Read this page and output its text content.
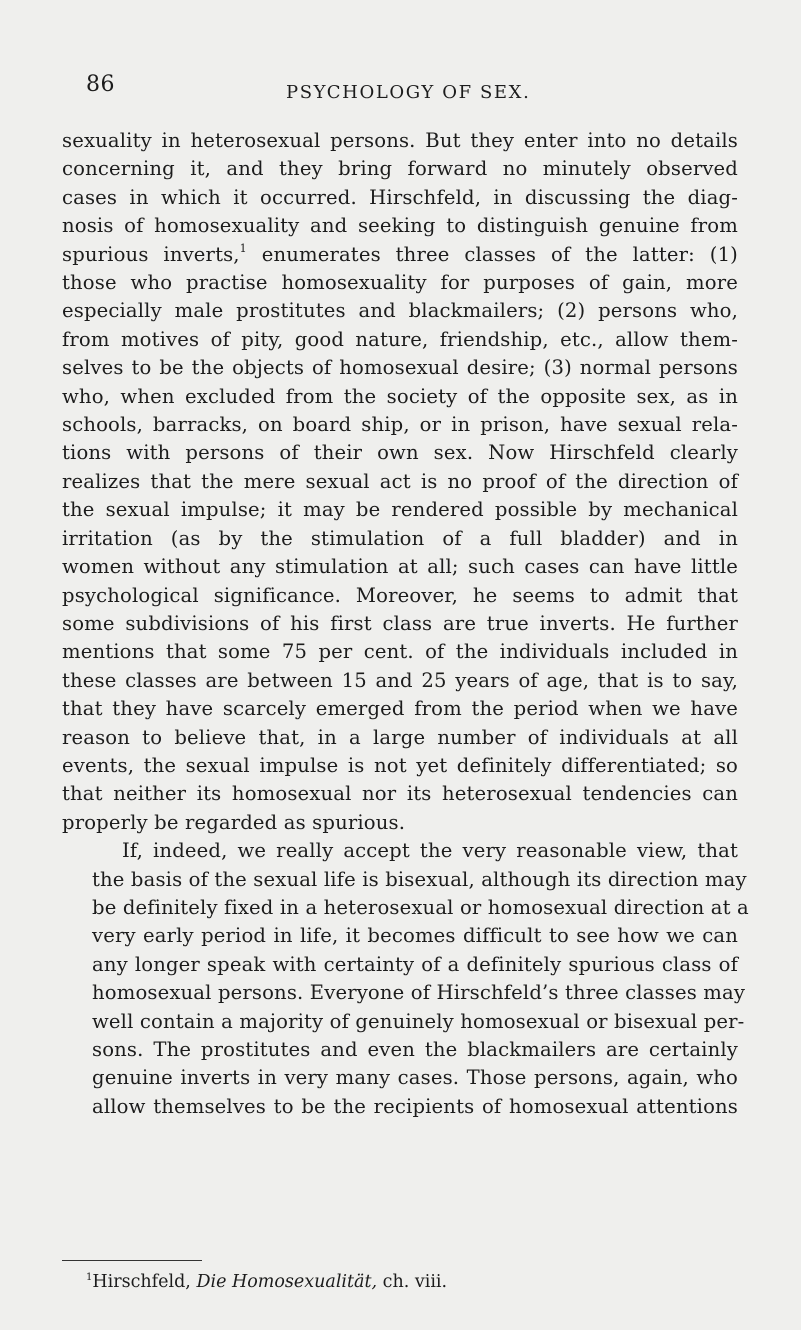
86	PSYCHOLOGY OF SEX.

sexuality in heterosexual persons. But they enter into no details
concerning it, and they bring forward no minutely observed
cases in which it occurred. Hirschfeld, in discussing the diag-
nosis of homosexuality and seeking to distinguish genuine from
spurious inverts,$^1$ enumerates three classes of the latter: (1)
those who practise homosexuality for purposes of gain, more
especially male prostitutes and blackmailers; (2) persons who,
from motives of pity, good nature, friendship, etc., allow them-
selves to be the objects of homosexual desire; (3) normal persons
who, when excluded from the society of the opposite sex, as in
schools, barracks, on board ship, or in prison, have sexual rela-
tions with persons of their own sex. Now Hirschfeld clearly
realizes that the mere sexual act is no proof of the direction of
the sexual impulse; it may be rendered possible by mechanical
irritation (as by the stimulation of a full bladder) and in
women without any stimulation at all; such cases can have little
psychological significance. Moreover, he seems to admit that
some subdivisions of his first class are true inverts. He further
mentions that some 75 per cent. of the individuals included in
these classes are between 15 and 25 years of age, that is to say,
that they have scarcely emerged from the period when we have
reason to believe that, in a large number of individuals at all
events, the sexual impulse is not yet definitely differentiated; so
that neither its homosexual nor its heterosexual tendencies can
properly be regarded as spurious.

If, indeed, we really accept the very reasonable view, that
the basis of the sexual life is bisexual, although its direction may
be definitely fixed in a heterosexual or homosexual direction at a
very early period in life, it becomes difficult to see how we can
any longer speak with certainty of a definitely spurious class of
homosexual persons. Everyone of Hirschfeld’s three classes may
well contain a majority of genuinely homosexual or bisexual per-
sons. The prostitutes and even the blackmailers are certainly
genuine inverts in very many cases. Those persons, again, who
allow themselves to be the recipients of homosexual attentions

$^1$Hirschfeld, Die Homosexualität, ch. viii.
